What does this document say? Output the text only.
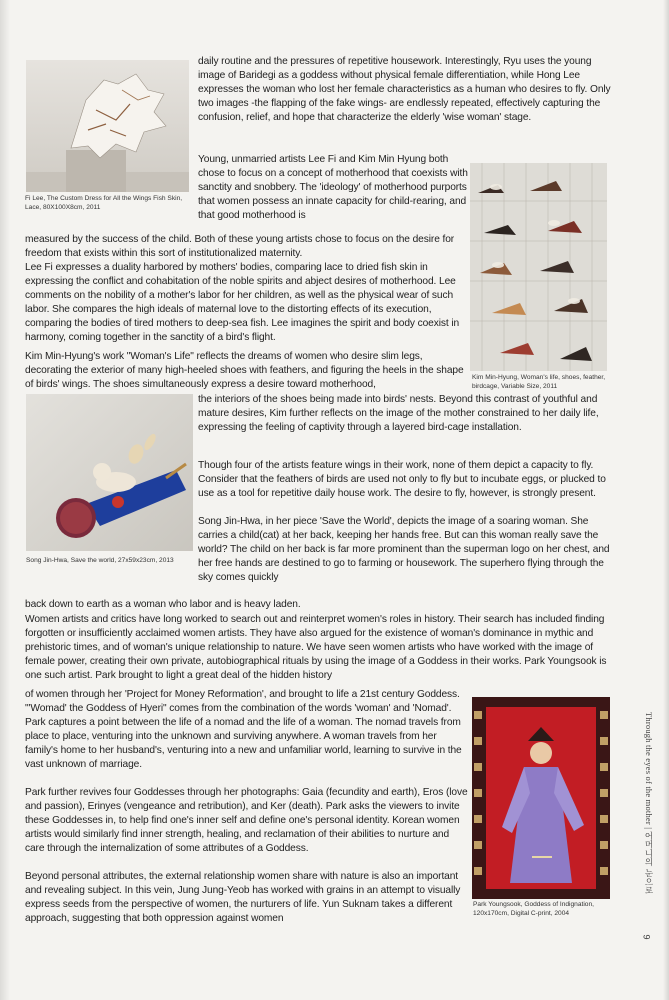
Fi Lee, The Custom Dress for All the Wings Fish Skin, Lace, 80X100X8cm, 2011
Kim Min-Hyung, Woman's life, shoes, feather, birdcage, Variable Size, 2011
Song Jin-Hwa, Save the world, 27x59x23cm, 2013
Park Youngsook, Goddess of Indignation, 120x170cm, Digital C-print, 2004
daily routine and the pressures of repetitive housework. Interestingly, Ryu uses the young image of Baridegi as a goddess without physical female differentiation, while Hong Lee expresses the woman who lost her female characteristics as a human who desires to fly. Only two images -the flapping of the fake wings- are endlessly repeated, effectively capturing the confusion, relief, and hope that characterize the elderly 'wise woman' stage.
Young, unmarried artists Lee Fi and Kim Min Hyung both chose to focus on a concept of motherhood that coexists with sanctity and snobbery. The 'ideology' of motherhood purports that women possess an innate capacity for child-rearing, and that good motherhood is
measured by the success of the child. Both of these young artists chose to focus on the desire for freedom that exists within this sort of institutionalized maternity.
Lee Fi expresses a duality harbored by mothers' bodies, comparing lace to dried fish skin in expressing the conflict and cohabitation of the noble spirits and abject desires of motherhood. Lee comments on the nobility of a mother's labor for her children, as well as the physical wear of such labor. She compares the high ideals of maternal love to the distorting effects of its execution, comparing the bodies of tired mothers to deep-sea fish. Lee imagines the spirit and body coexist in harmony, coming together in the sanctity of a bird's flight.
Kim Min-Hyung's work "Woman's Life" reflects the dreams of women who desire slim legs, decorating the exterior of many high-heeled shoes with feathers, and figuring the heels in the shape of birds' wings. The shoes simultaneously express a desire toward motherhood,
the interiors of the shoes being made into birds' nests. Beyond this contrast of youthful and mature desires, Kim further reflects on the image of the mother constrained to her daily life, expressing the feeling of captivity through a layered bird-cage installation.
Though four of the artists feature wings in their work, none of them depict a capacity to fly. Consider that the feathers of birds are used not only to fly but to incubate eggs, or plucked to use as a tool for repetitive daily house work. The desire to fly, however, is strongly present.
Song Jin-Hwa, in her piece 'Save the World', depicts the image of a soaring woman. She carries a child(cat) at her back, keeping her hands free. But can this woman really save the world? The child on her back is far more prominent than the superman logo on her chest, and her free hands are destined to go to farming or housework. The superhero flying through the sky comes quickly
back down to earth as a woman who labor and is heavy laden.
Women artists and critics have long worked to search out and reinterpret women's roles in history. Their search has included finding forgotten or insufficiently acclaimed women artists. They have also argued for the existence of woman's dominance in mythic and prehistoric times, and of woman's unique relationship to nature. We have seen women artists who have worked with the image of female power, creating their own private, autobiographical rituals by using the image of a Goddess in their works. Park Youngsook is one such artist. Park brought to light a great deal of the hidden history
of women through her 'Project for Money Reformation', and brought to life a 21st century Goddess. "'Womad' the Goddess of Hyeri" comes from the combination of the words 'woman' and 'Nomad'. Park captures a point between the life of a nomad and the life of a woman. The nomad travels from place to place, venturing into the unknown and surviving anywhere. A woman travels from her family's home to her husband's, venturing into a new and unfamiliar world, learning to survive in the vast unknown of marriage.
Park further revives four Goddesses through her photographs: Gaia (fecundity and earth), Eros (love and passion), Erinyes (vengeance and retribution), and Ker (death). Park asks the viewers to invite these Goddesses in, to help find one's inner self and define one's personal identity. Korean women artists would similarly find inner strength, healing, and reclamation of their abilities to nurture and care through the internalization of some attributes of a Goddess.
Beyond personal attributes, the external relationship women share with nature is also an important and revealing subject. In this vein, Jung Jung-Yeob has worked with grains in an attempt to visually express seeds from the perspective of women, the nurturers of life. Yun Suknam takes a different approach, suggesting that both oppression against women
Through the eyes of the mother | 어머니의 눈으로
9
